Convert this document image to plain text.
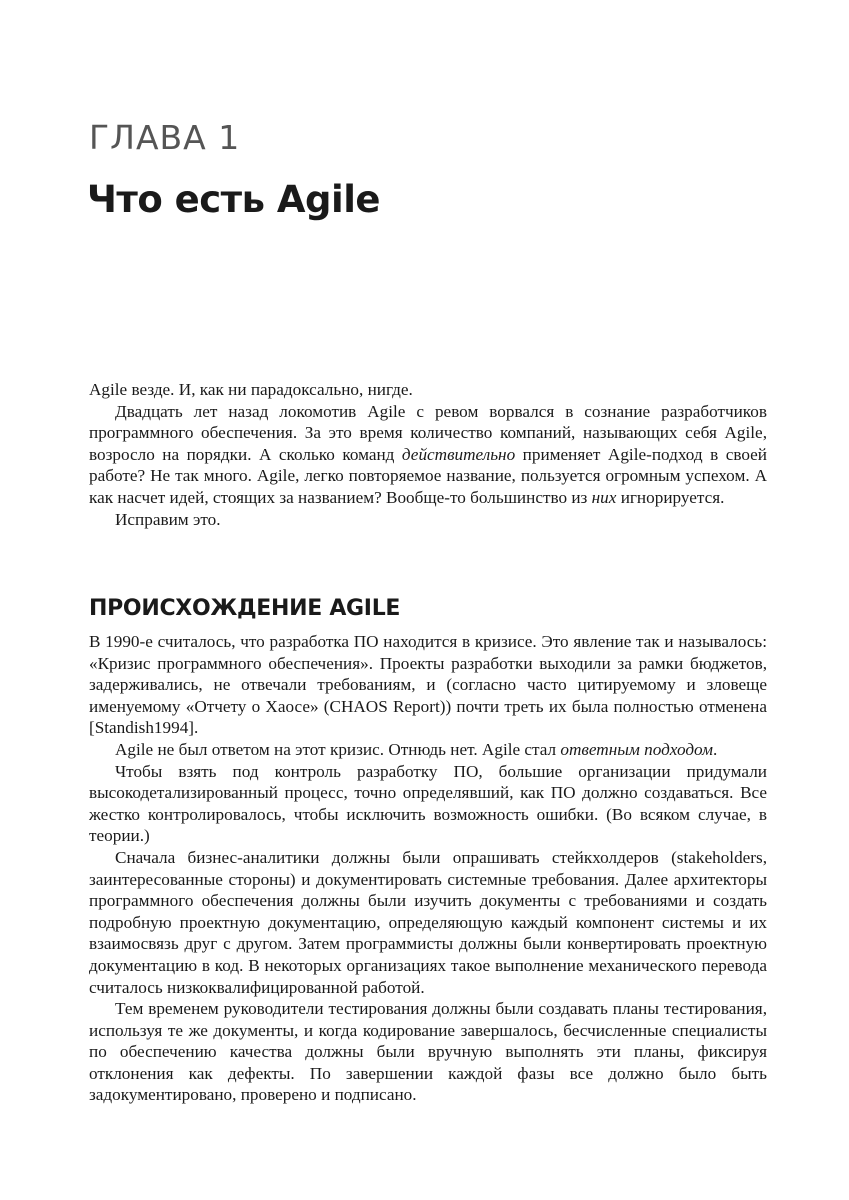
ГЛАВА 1
Что есть Agile

Agile везде. И, как ни парадоксально, нигде.

Двадцать лет назад локомотив Agile с ревом ворвался в сознание разработчиков программного обеспечения. За это время количество компаний, называющих себя Agile, возросло на порядки. А сколько команд действительно применяет Agile-подход в своей работе? Не так много. Agile, легко повторяемое название, пользуется огромным успехом. А как насчет идей, стоящих за названием? Вообще-то большинство из них игнорируется.

Исправим это.

ПРОИСХОЖДЕНИЕ AGILE

В 1990-е считалось, что разработка ПО находится в кризисе. Это явление так и называлось: «Кризис программного обеспечения». Проекты разработки выходили за рамки бюджетов, задерживались, не отвечали требованиям, и (согласно часто цитируемому и зловеще именуемому «Отчету о Хаосе» (CHAOS Report)) почти треть их была полностью отменена [Standish1994].

Agile не был ответом на этот кризис. Отнюдь нет. Agile стал ответным подходом.

Чтобы взять под контроль разработку ПО, большие организации придумали высокодетализированный процесс, точно определявший, как ПО должно создаваться. Все жестко контролировалось, чтобы исключить возможность ошибки. (Во всяком случае, в теории.)

Сначала бизнес-аналитики должны были опрашивать стейкхолдеров (stakeholders, заинтересованные стороны) и документировать системные требования. Далее архитекторы программного обеспечения должны были изучить документы с требованиями и создать подробную проектную документацию, определяющую каждый компонент системы и их взаимосвязь друг с другом. Затем программисты должны были конвертировать проектную документацию в код. В некоторых организациях такое выполнение механического перевода считалось низкоквалифицированной работой.

Тем временем руководители тестирования должны были создавать планы тестирования, используя те же документы, и когда кодирование завершалось, бесчисленные специалисты по обеспечению качества должны были вручную выполнять эти планы, фиксируя отклонения как дефекты. По завершении каждой фазы все должно было быть задокументировано, проверено и подписано.
